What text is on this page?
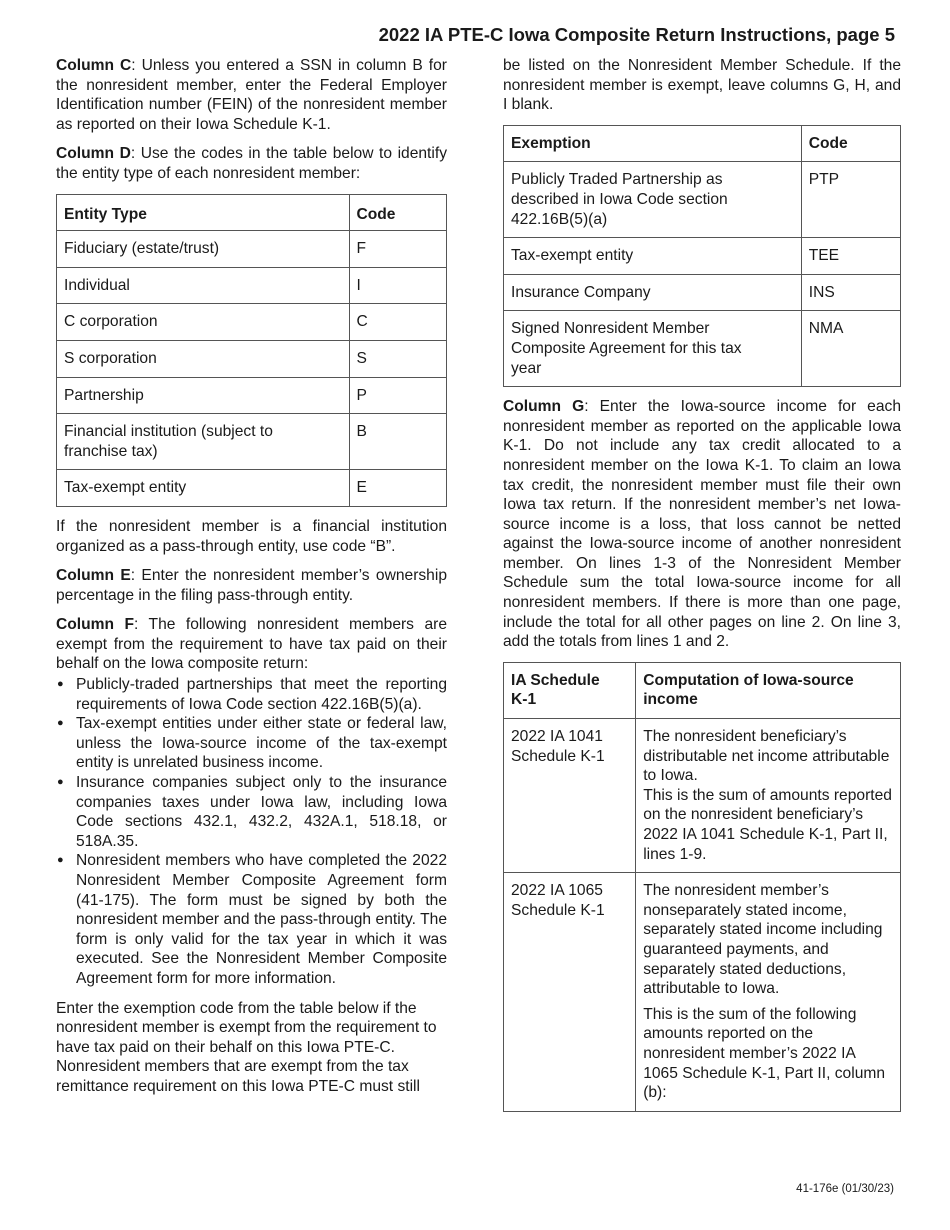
2022 IA PTE-C Iowa Composite Return Instructions, page 5

Column C: Unless you entered a SSN in column B for the nonresident member, enter the Federal Employer Identification number (FEIN) of the nonresident member as reported on their Iowa Schedule K-1.

Column D: Use the codes in the table below to identify the entity type of each nonresident member:

Entity Type	Code
Fiduciary (estate/trust)	F
Individual	I
C corporation	C
S corporation	S
Partnership	P
Financial institution (subject to franchise tax)	B
Tax-exempt entity	E

If the nonresident member is a financial institution organized as a pass-through entity, use code “B”.

Column E: Enter the nonresident member’s ownership percentage in the filing pass-through entity.

Column F: The following nonresident members are exempt from the requirement to have tax paid on their behalf on the Iowa composite return:

● Publicly-traded partnerships that meet the reporting requirements of Iowa Code section 422.16B(5)(a).
● Tax-exempt entities under either state or federal law, unless the Iowa-source income of the tax-exempt entity is unrelated business income.
● Insurance companies subject only to the insurance companies taxes under Iowa law, including Iowa Code sections 432.1, 432.2, 432A.1, 518.18, or 518A.35.
● Nonresident members who have completed the 2022 Nonresident Member Composite Agreement form (41-175). The form must be signed by both the nonresident member and the pass-through entity. The form is only valid for the tax year in which it was executed. See the Nonresident Member Composite Agreement form for more information.

Enter the exemption code from the table below if the nonresident member is exempt from the requirement to have tax paid on their behalf on this Iowa PTE-C. Nonresident members that are exempt from the tax remittance requirement on this Iowa PTE-C must still

be listed on the Nonresident Member Schedule. If the nonresident member is exempt, leave columns G, H, and I blank.

Exemption	Code
Publicly Traded Partnership as described in Iowa Code section 422.16B(5)(a)	PTP
Tax-exempt entity	TEE
Insurance Company	INS
Signed Nonresident Member Composite Agreement for this tax year	NMA

Column G: Enter the Iowa-source income for each nonresident member as reported on the applicable Iowa K-1. Do not include any tax credit allocated to a nonresident member on the Iowa K-1. To claim an Iowa tax credit, the nonresident member must file their own Iowa tax return. If the nonresident member’s net Iowa-source income is a loss, that loss cannot be netted against the Iowa-source income of another nonresident member. On lines 1-3 of the Nonresident Member Schedule sum the total Iowa-source income for all nonresident members. If there is more than one page, include the total for all other pages on line 2. On line 3, add the totals from lines 1 and 2.

IA Schedule K-1	Computation of Iowa-source income
2022 IA 1041 Schedule K-1	The nonresident beneficiary’s distributable net income attributable to Iowa.
This is the sum of amounts reported on the nonresident beneficiary’s 2022 IA 1041 Schedule K-1, Part II, lines 1-9.

2022 IA 1065 Schedule K-1	The nonresident member’s nonseparately stated income, separately stated income including guaranteed payments, and separately stated deductions, attributable to Iowa.
This is the sum of the following amounts reported on the nonresident member’s 2022 IA 1065 Schedule K-1, Part II, column (b):
41-176e (01/30/23)
